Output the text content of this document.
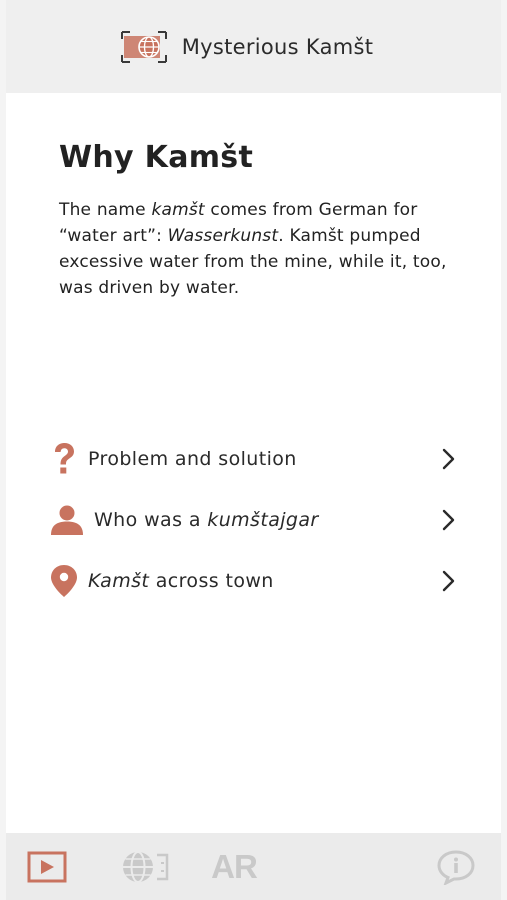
Mysterious Kamšt
Why Kamšt

The name kamšt comes from German for “water art”: Wasserkunst. Kamšt pumped excessive water from the mine, while it, too, was driven by water.

Problem and solution
Who was a kumštajgar
Kamšt across town
AR
